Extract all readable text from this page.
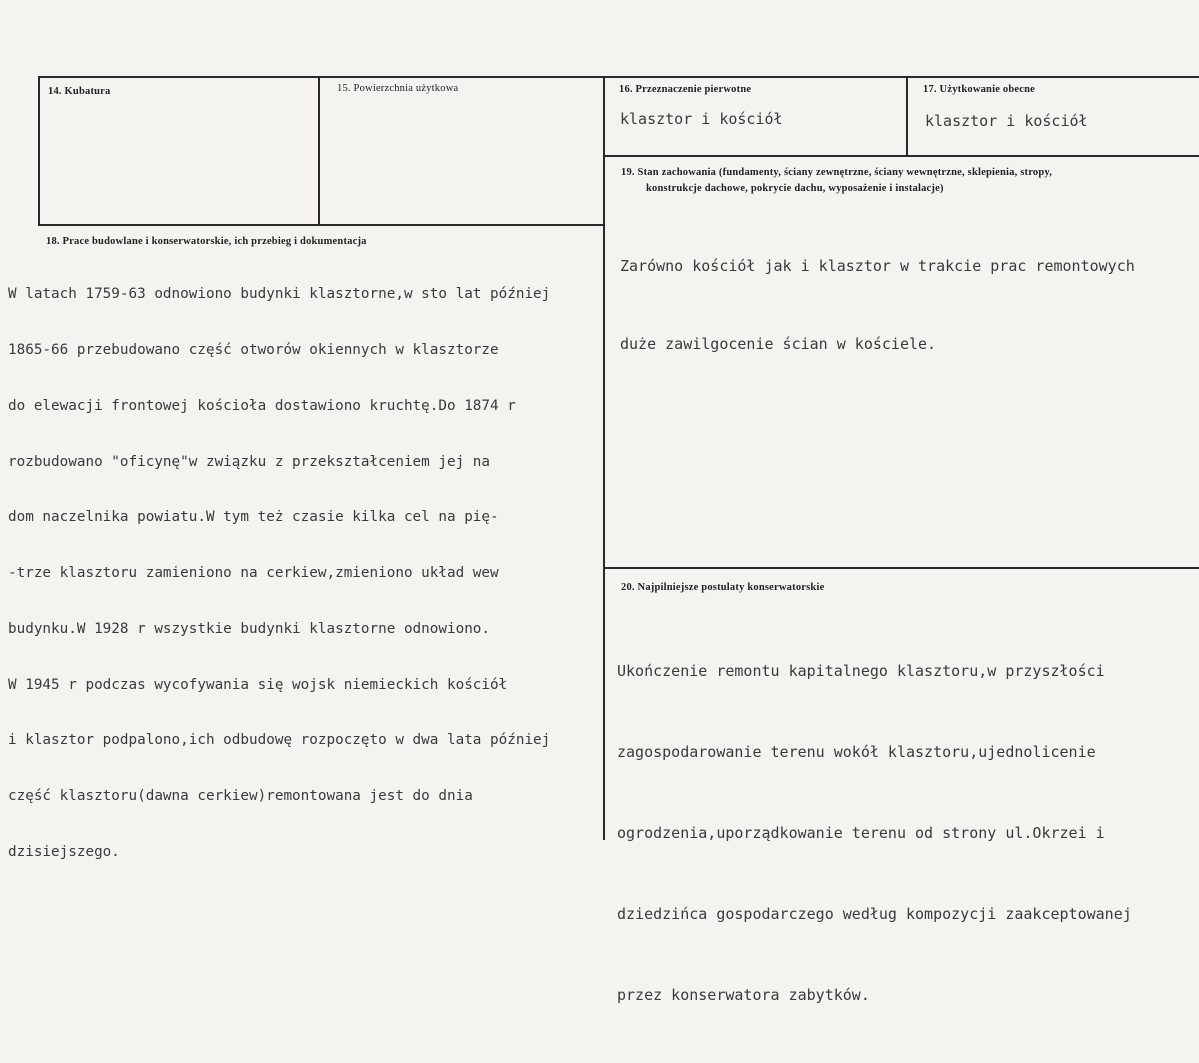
14. Kubatura	15. Powierzchnia użytkowa	16. Przeznaczenie pierwotne

klasztor i kościół

17. Użytkowanie obecne

klasztor i kościół

19. Stan zachowania (fundamenty, ściany zewnętrzne, ściany wewnętrzne, sklepienia, stropy,
konstrukcje dachowe, pokrycie dachu, wyposażenie i instalacje)

Zarówno kościół jak i klasztor w trakcie prac remontowych

duże zawilgocenie ścian w kościele.

18. Prace budowlane i konserwatorskie, ich przebieg i dokumentacja

W latach 1759-63 odnowiono budynki klasztorne,w sto lat później

1865-66 przebudowano część otworów okiennych w klasztorze

do elewacji frontowej kościoła dostawiono kruchtę.Do 1874 r

rozbudowano "oficynę"w związku z przekształceniem jej na

dom naczelnika powiatu.W tym też czasie kilka cel na pię-

-trze klasztoru zamieniono na cerkiew,zmieniono układ wew

budynku.W 1928 r wszystkie budynki klasztorne odnowiono.

W 1945 r podczas wycofywania się wojsk niemieckich kościół

i klasztor podpalono,ich odbudowę rozpoczęto w dwa lata później

część klasztoru(dawna cerkiew)remontowana jest do dnia

dzisiejszego.

20. Najpilniejsze postulaty konserwatorskie

Ukończenie remontu kapitalnego klasztoru,w przyszłości

zagospodarowanie terenu wokół klasztoru,ujednolicenie

ogrodzenia,uporządkowanie terenu od strony ul.Okrzei i

dziedzińca gospodarczego według kompozycji zaakceptowanej

przez konserwatora zabytków.
